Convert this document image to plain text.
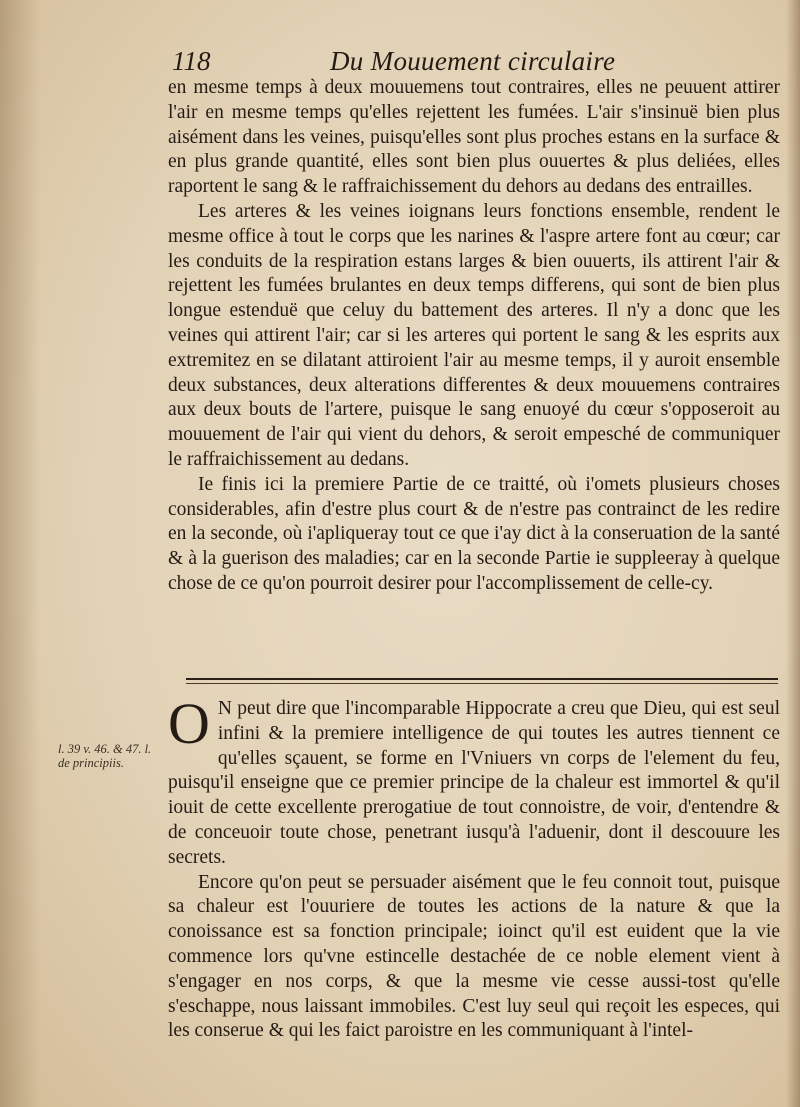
118	Du Mouuement circulaire

en mesme temps à deux mouuemens tout contraires, elles ne peuuent attirer l'air en mesme temps qu'elles rejettent les fumées. L'air s'insinuë bien plus aisément dans les veines, puisqu'elles sont plus proches estans en la surface & en plus grande quantité, elles sont bien plus ouuertes & plus deliées, elles raportent le sang & le raffraichissement du dehors au dedans des entrailles.

Les arteres & les veines ioignans leurs fonctions ensemble, rendent le mesme office à tout le corps que les narines & l'aspre artere font au cœur; car les conduits de la respiration estans larges & bien ouuerts, ils attirent l'air & rejettent les fumées brulantes en deux temps differens, qui sont de bien plus longue estenduë que celuy du battement des arteres. Il n'y a donc que les veines qui attirent l'air; car si les arteres qui portent le sang & les esprits aux extremitez en se dilatant attiroient l'air au mesme temps, il y auroit ensemble deux substances, deux alterations differentes & deux mouuemens contraires aux deux bouts de l'artere, puisque le sang enuoyé du cœur s'opposeroit au mouuement de l'air qui vient du dehors, & seroit empesché de communiquer le raffraichissement au dedans.

Ie finis ici la premiere Partie de ce traitté, où i'omets plusieurs choses considerables, afin d'estre plus court & de n'estre pas contrainct de les redire en la seconde, où i'apliqueray tout ce que i'ay dict à la conseruation de la santé & à la guerison des maladies; car en la seconde Partie ie suppleeray à quelque chose de ce qu'on pourroit desirer pour l'accomplissement de celle-cy.

l. 39 v. 46. & 47. l.
de principiis.

O N peut dire que l'incomparable Hippocrate a creu que Dieu, qui est seul infini & la premiere intelligence de qui toutes les autres tiennent ce qu'elles sçauent, se forme en l'Vniuers vn corps de l'element du feu, puisqu'il enseigne que ce premier principe de la chaleur est immortel & qu'il iouit de cette excellente prerogatiue de tout connoistre, de voir, d'entendre & de conceuoir toute chose, penetrant iusqu'à l'aduenir, dont il descouure les secrets.

Encore qu'on peut se persuader aisément que le feu connoit tout, puisque sa chaleur est l'ouuriere de toutes les actions de la nature & que la conoissance est sa fonction principale; ioinct qu'il est euident que la vie commence lors qu'vne estincelle destachée de ce noble element vient à s'engager en nos corps, & que la mesme vie cesse aussi-tost qu'elle s'eschappe, nous laissant immobiles. C'est luy seul qui reçoit les especes, qui les conserue & qui les faict paroistre en les communiquant à l'intel-
